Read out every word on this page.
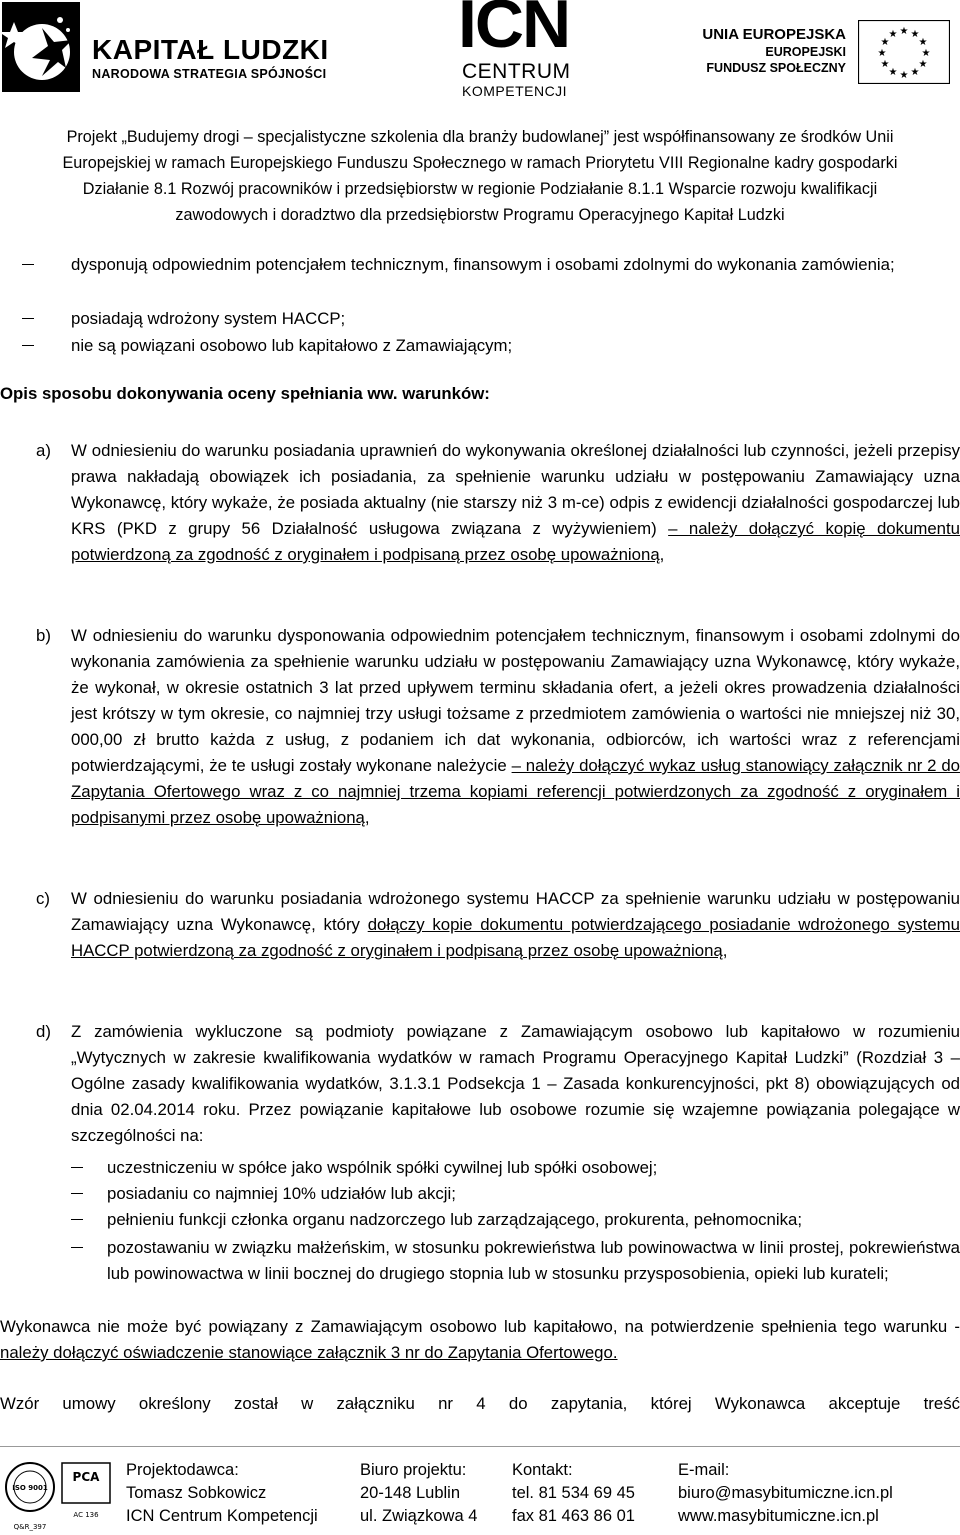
KAPITAŁ LUDZKI
NARODOWA STRATEGIA SPÓJNOŚCI
ICN
CENTRUM
KOMPETENCJI
UNIA EUROPEJSKA
EUROPEJSKI
FUNDUSZ SPOŁECZNY
★ ★
★
★
★
★
★
★
★
★
★
★
Projekt „Budujemy drogi – specjalistyczne szkolenia dla branży budowlanej” jest współfinansowany ze środków Unii
Europejskiej w ramach Europejskiego Funduszu Społecznego w ramach Priorytetu VIII Regionalne kadry gospodarki
Działanie 8.1 Rozwój pracowników i przedsiębiorstw w regionie Podziałanie 8.1.1 Wsparcie rozwoju kwalifikacji
zawodowych i doradztwo dla przedsiębiorstw Programu Operacyjnego Kapitał Ludzki
dysponują odpowiednim potencjałem technicznym, finansowym i osobami zdolnymi do wykonania zamówienia;
posiadają wdrożony system HACCP;
nie są powiązani osobowo lub kapitałowo z Zamawiającym;
Opis sposobu dokonywania oceny spełniania ww. warunków:
a) W odniesieniu do warunku posiadania uprawnień do wykonywania określonej działalności lub czynności, jeżeli przepisy prawa nakładają obowiązek ich posiadania, za spełnienie warunku udziału w postępowaniu Zamawiający uzna Wykonawcę, który wykaże, że posiada aktualny (nie starszy niż 3 m-ce) odpis z ewidencji działalności gospodarczej lub KRS (PKD z grupy 56 Działalność usługowa związana z wyżywieniem) – należy dołączyć kopię dokumentu potwierdzoną za zgodność z oryginałem i podpisaną przez osobę upoważnioną,
b) W odniesieniu do warunku dysponowania odpowiednim potencjałem technicznym, finansowym i osobami zdolnymi do wykonania zamówienia za spełnienie warunku udziału w postępowaniu Zamawiający uzna Wykonawcę, który wykaże, że wykonał, w okresie ostatnich 3 lat przed upływem terminu składania ofert, a jeżeli okres prowadzenia działalności jest krótszy w tym okresie, co najmniej trzy usługi tożsame z przedmiotem zamówienia o wartości nie mniejszej niż 30, 000,00 zł brutto każda z usług, z podaniem ich dat wykonania, odbiorców, ich wartości wraz z referencjami potwierdzającymi, że te usługi zostały wykonane należycie – należy dołączyć wykaz usług stanowiący załącznik nr 2 do Zapytania Ofertowego wraz z co najmniej trzema kopiami referencji potwierdzonych za zgodność z oryginałem i podpisanymi przez osobę upoważnioną,
c) W odniesieniu do warunku posiadania wdrożonego systemu HACCP za spełnienie warunku udziału w postępowaniu Zamawiający uzna Wykonawcę, który dołączy kopie dokumentu potwierdzającego posiadanie wdrożonego systemu HACCP potwierdzoną za zgodność z oryginałem i podpisaną przez osobę upoważnioną,
d) Z zamówienia wykluczone są podmioty powiązane z Zamawiającym osobowo lub kapitałowo w rozumieniu „Wytycznych w zakresie kwalifikowania wydatków w ramach Programu Operacyjnego Kapitał Ludzki” (Rozdział 3 – Ogólne zasady kwalifikowania wydatków, 3.1.3.1 Podsekcja 1 – Zasada konkurencyjności, pkt 8) obowiązujących od dnia 02.04.2014 roku. Przez powiązanie kapitałowe lub osobowe rozumie się wzajemne powiązania polegające w szczególności na:
uczestniczeniu w spółce jako wspólnik spółki cywilnej lub spółki osobowej;
posiadaniu co najmniej 10% udziałów lub akcji;
pełnieniu funkcji członka organu nadzorczego lub zarządzającego, prokurenta, pełnomocnika;
pozostawaniu w związku małżeńskim, w stosunku pokrewieństwa lub powinowactwa w linii prostej, pokrewieństwa lub powinowactwa w linii bocznej do drugiego stopnia lub w stosunku przysposobienia, opieki lub kurateli;
Wykonawca nie może być powiązany z Zamawiającym osobowo lub kapitałowo, na potwierdzenie spełnienia tego warunku - należy dołączyć oświadczenie stanowiące załącznik 3 nr do Zapytania Ofertowego.
Wzór umowy określony został w załączniku nr 4 do zapytania, której Wykonawca akceptuje treść
ISO 9001
Q&R_397
PCA
AC 136
Projektodawca:
Tomasz Sobkowicz
ICN Centrum Kompetencji
Biuro projektu:
20-148 Lublin
ul. Związkowa 4
Kontakt:
tel. 81 534 69 45
fax 81 463 86 01
E-mail:
biuro@masybitumiczne.icn.pl
www.masybitumiczne.icn.pl
